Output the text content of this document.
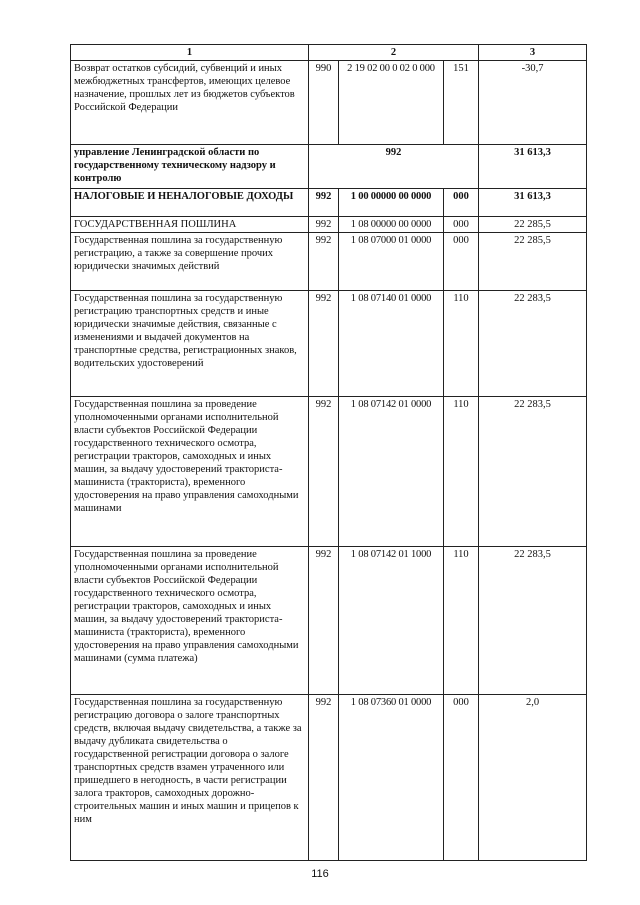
1	2			3
Возврат остатков субсидий, субвенций и иных межбюджетных трансфертов, имеющих целевое назначение, прошлых лет из бюджетов субъектов Российской Федерации	990	2 19 02 00 0 02 0 000	151	-30,7
управление Ленинградской области по государственному техническому надзору и контролю	992			31 613,3
НАЛОГОВЫЕ И НЕНАЛОГОВЫЕ ДОХОДЫ	992	1 00 00000 00 0000	000	31 613,3
ГОСУДАРСТВЕННАЯ ПОШЛИНА	992	1 08 00000 00 0000	000	22 285,5
Государственная пошлина за государственную регистрацию, а также за совершение прочих юридически значимых действий	992	1 08 07000 01 0000	000	22 285,5
Государственная пошлина за государственную регистрацию транспортных средств и иные юридически значимые действия, связанные с изменениями и выдачей документов на транспортные средства, регистрационных знаков, водительских удостоверений	992	1 08 07140 01 0000	110	22 283,5
Государственная пошлина за проведение уполномоченными органами исполнительной власти субъектов Российской Федерации государственного технического осмотра, регистрации тракторов, самоходных и иных машин, за выдачу удостоверений тракториста-машиниста (тракториста), временного удостоверения на право управления самоходными машинами	992	1 08 07142 01 0000	110	22 283,5
Государственная пошлина за проведение уполномоченными органами исполнительной власти субъектов Российской Федерации государственного технического осмотра, регистрации тракторов, самоходных и иных машин, за выдачу удостоверений тракториста-машиниста (тракториста), временного удостоверения на право управления самоходными машинами (сумма платежа)	992	1 08 07142 01 1000	110	22 283,5
Государственная пошлина за государственную регистрацию договора о залоге транспортных средств, включая выдачу свидетельства, а также за выдачу дубликата свидетельства о государственной регистрации договора о залоге транспортных средств взамен утраченного или пришедшего в негодность, в части регистрации залога тракторов, самоходных дорожно-строительных машин и иных машин и прицепов к ним	992	1 08 07360 01 0000	000	2,0
116
